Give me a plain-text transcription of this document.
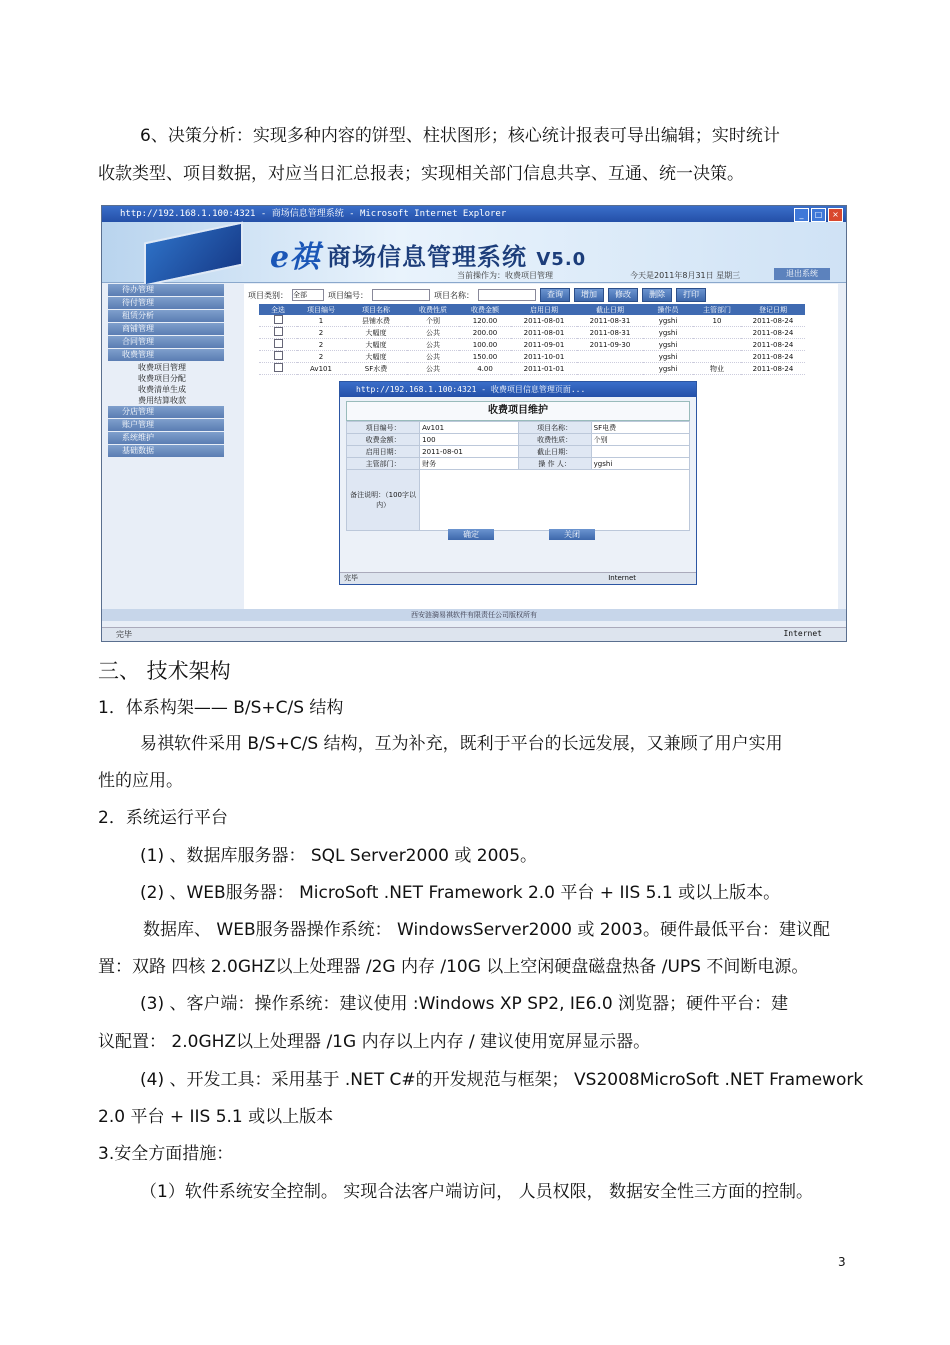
6、决策分析：实现多种内容的饼型、柱状图形；核心统计报表可导出编辑；实时统计
收款类型、项目数据，对应当日汇总报表；实现相关部门信息共享、互通、统一决策。
http://192.168.1.100:4321 - 商场信息管理系统 - Microsoft Internet Explorer	_	□	×
e祺 商场信息管理系统 V5.0
当前操作为：收费项目管理	今天是2011年8月31日 星期三	退出系统
待办管理
待付管理
租赁分析
商铺管理
合同管理
收费管理
收费项目管理
收费项目分配
收费清单生成
费用结算收款
分店管理
账户管理
系统维护
基础数据
项目类别： 全部	项目编号：	项目名称：	查询	增加	修改	删除	打印
全选	项目编号	项目名称	收费性质	收费金额	启用日期	截止日期	操作员	主管部门	登记日期
	1	县铺水费	个别	120.00	2011-08-01	2011-08-31	ygshi	10	2011-08-24
	2	大幅度	公共	200.00	2011-08-01	2011-08-31	ygshi		2011-08-24
	2	大幅度	公共	100.00	2011-09-01	2011-09-30	ygshi		2011-08-24
	2	大幅度	公共	150.00	2011-10-01		ygshi		2011-08-24
	Av101	SF水费	公共	4.00	2011-01-01		ygshi	物业	2011-08-24
http://192.168.1.100:4321 - 收费项目信息管理页面...
收费项目维护
项目编号：	Av101	项目名称：	SF电费
收费金额：	100	收费性质：	个别
启用日期：	2011-08-01	截止日期：	
主管部门：	财务	操 作 人：	ygshi
备注说明：（100字以内）			
确定	关闭
完毕	Internet
西安涟漪易祺软件有限责任公司版权所有
完毕	Internet
三、 技术架构
1．体系构架—— B/S+C/S 结构
易祺软件采用 B/S+C/S 结构，互为补充，既利于平台的长远发展，又兼顾了用户实用
性的应用。
2．系统运行平台
(1) 、数据库服务器： SQL Server2000 或 2005。
(2) 、WEB服务器： MicroSoft .NET Framework 2.0 平台 + IIS 5.1 或以上版本。
数据库、 WEB服务器操作系统： WindowsServer2000 或 2003。硬件最低平台：建议配
置：双路 四核 2.0GHZ以上处理器 /2G 内存 /10G 以上空闲硬盘磁盘热备 /UPS 不间断电源。
(3) 、客户端：操作系统：建议使用 :Windows XP SP2, IE6.0 浏览器；硬件平台：建
议配置： 2.0GHZ以上处理器 /1G 内存以上内存 / 建议使用宽屏显示器。
(4) 、开发工具：采用基于 .NET C#的开发规范与框架； VS2008MicroSoft .NET Framework
2.0 平台 + IIS 5.1 或以上版本
3.安全方面措施：
（1）软件系统安全控制。 实现合法客户端访问， 人员权限， 数据安全性三方面的控制。
3
